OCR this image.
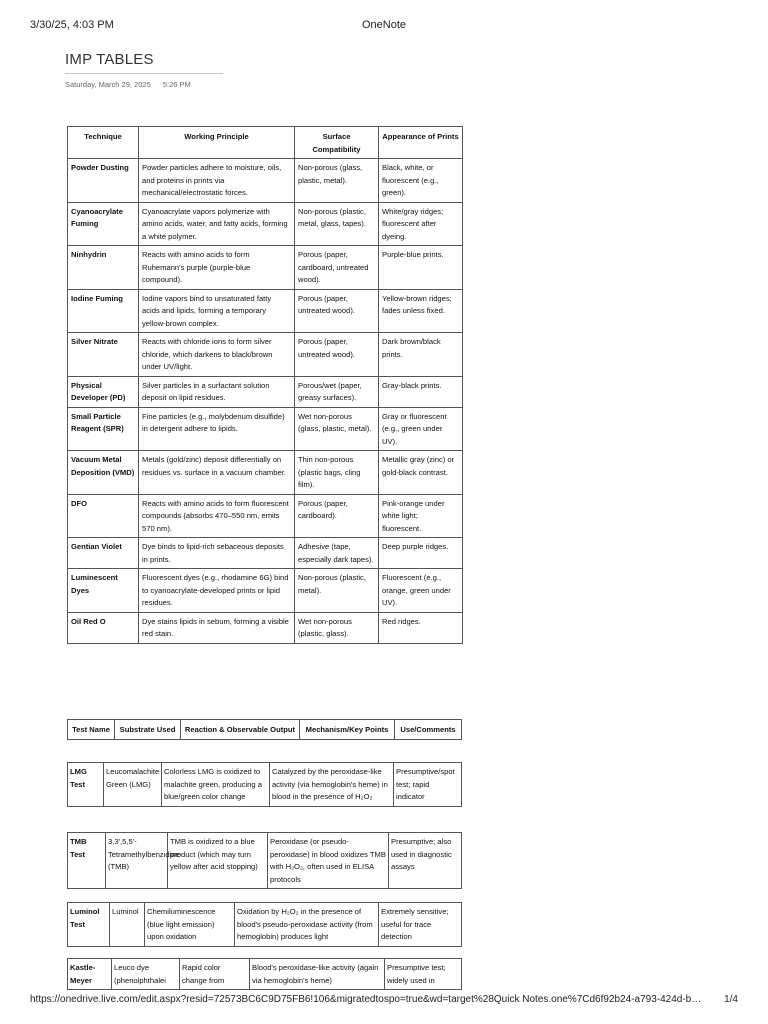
3/30/25, 4:03 PM	OneNote
IMP TABLES
Saturday, March 29, 2025 5:26 PM
Technique	Working Principle	Surface Compatibility	Appearance of Prints
Powder Dusting	Powder particles adhere to moisture, oils, and proteins in prints via mechanical/electrostatic forces.	Non-porous (glass, plastic, metal).	Black, white, or fluorescent (e.g., green).
Cyanoacrylate Fuming	Cyanoacrylate vapors polymerize with amino acids, water, and fatty acids, forming a white polymer.	Non-porous (plastic, metal, glass, tapes).	White/gray ridges; fluorescent after dyeing.
Ninhydrin	Reacts with amino acids to form Ruhemann's purple (purple-blue compound).	Porous (paper, cardboard, untreated wood).	Purple-blue prints.
Iodine Fuming	Iodine vapors bind to unsaturated fatty acids and lipids, forming a temporary yellow-brown complex.	Porous (paper, untreated wood).	Yellow-brown ridges; fades unless fixed.
Silver Nitrate	Reacts with chloride ions to form silver chloride, which darkens to black/brown under UV/light.	Porous (paper, untreated wood).	Dark brown/black prints.
Physical Developer (PD)	Silver particles in a surfactant solution deposit on lipid residues.	Porous/wet (paper, greasy surfaces).	Gray-black prints.
Small Particle Reagent (SPR)	Fine particles (e.g., molybdenum disulfide) in detergent adhere to lipids.	Wet non-porous (glass, plastic, metal).	Gray or fluorescent (e.g., green under UV).
Vacuum Metal Deposition (VMD)	Metals (gold/zinc) deposit differentially on residues vs. surface in a vacuum chamber.	Thin non-porous (plastic bags, cling film).	Metallic gray (zinc) or gold-black contrast.
DFO	Reacts with amino acids to form fluorescent compounds (absorbs 470–550 nm, emits 570 nm).	Porous (paper, cardboard).	Pink-orange under white light; fluorescent.
Gentian Violet	Dye binds to lipid-rich sebaceous deposits in prints.	Adhesive (tape, especially dark tapes).	Deep purple ridges.
Luminescent Dyes	Fluorescent dyes (e.g., rhodamine 6G) bind to cyanoacrylate-developed prints or lipid residues.	Non-porous (plastic, metal).	Fluorescent (e.g., orange, green under UV).
Oil Red O	Dye stains lipids in sebum, forming a visible red stain.	Wet non-porous (plastic, glass).	Red ridges.
Test Name	Substrate Used	Reaction & Observable Output	Mechanism/Key Points	Use/Comments
LMG Test	Leucomalachite Green (LMG)	Colorless LMG is oxidized to malachite green, producing a blue/green color change	Catalyzed by the peroxidase-like activity (via hemoglobin's heme) in blood in the presence of H₂O₂	Presumptive/spot test; rapid indicator
TMB Test	3,3',5,5'-Tetramethylbenzidine (TMB)	TMB is oxidized to a blue product (which may turn yellow after acid stopping)	Peroxidase (or pseudo-peroxidase) in blood oxidizes TMB with H₂O₂, often used in ELISA protocols	Presumptive; also used in diagnostic assays
Luminol Test	Luminol	Chemiluminescence (blue light emission) upon oxidation	Oxidation by H₂O₂ in the presence of blood's pseudo-peroxidase activity (from hemoglobin) produces light	Extremely sensitive; useful for trace detection
Kastle-Meyer	Leuco dye (phenolphthalei	Rapid color change from	Blood's peroxidase-like activity (again via hemoglobin's heme)	Presumptive test; widely used in
https://onedrive.live.com/edit.aspx?resid=72573BC6C9D75FB6!106&migratedtospo=true&wd=target%28Quick Notes.one%7Cd6f92b24-a793-424d-b… 1/4
